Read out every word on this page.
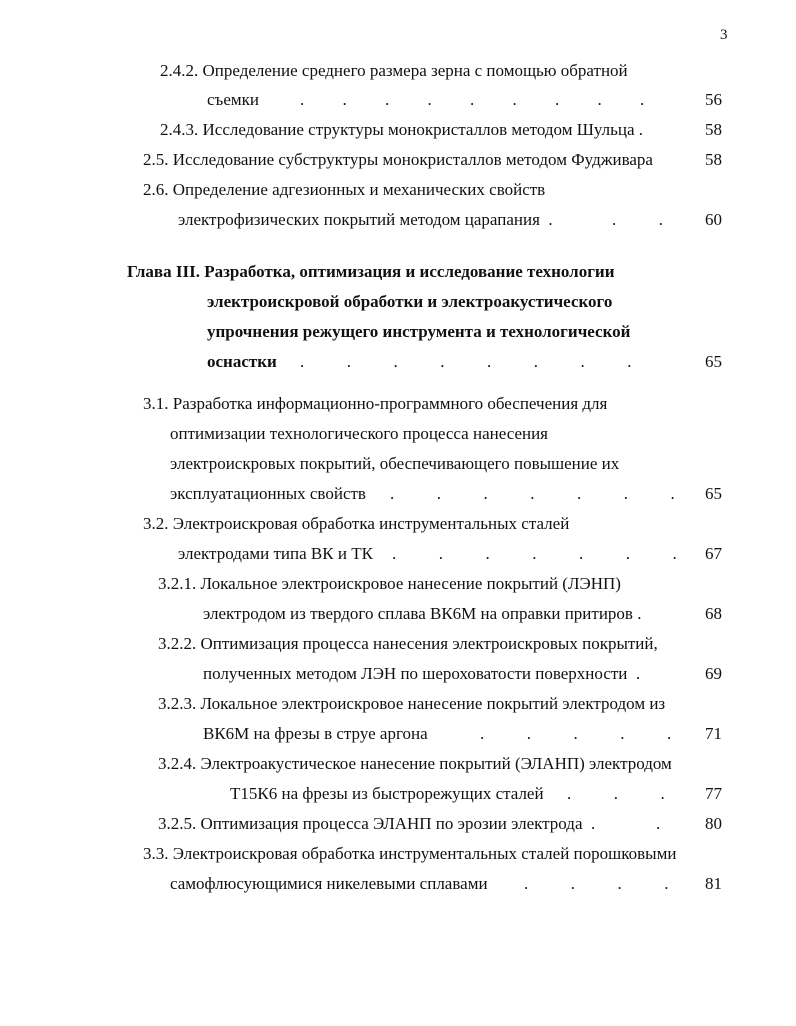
3
2.4.2. Определение среднего размера зерна с помощью обратной
съемки .         .         .         .         .         .         .         .         .	56
2.4.3. Исследование структуры монокристаллов методом Шульца .	58
2.5. Исследование субструктуры монокристаллов методом Фудживара	58
2.6. Определение адгезионных и механических свойств
электрофизических покрытий методом царапания  .	.          .	60
Глава III. Разработка, оптимизация и исследование технологии
электроискровой обработки и электроакустического
упрочнения режущего инструмента и технологической
оснастки .          .          .          .          .          .          .          .	65
3.1. Разработка информационно-программного обеспечения для
оптимизации технологического процесса нанесения
электроискровых покрытий, обеспечивающего повышение их
эксплуатационных свойств .          .          .          .          .          .          .	65
3.2. Электроискровая обработка инструментальных сталей
электродами типа ВК и ТК .          .          .          .          .          .          .	67
3.2.1. Локальное электроискровое нанесение покрытий (ЛЭНП)
электродом из твердого сплава ВК6М на оправки притиров .	68
3.2.2. Оптимизация процесса нанесения электроискровых покрытий,
полученных методом ЛЭН по шероховатости поверхности  .	69
3.2.3. Локальное электроискровое нанесение покрытий электродом из
ВК6М на фрезы в струе аргона	.          .          .          .          .	71
3.2.4. Электроакустическое нанесение покрытий (ЭЛАНП) электродом
Т15К6 на фрезы из быстрорежущих сталей .          .          .	77
3.2.5. Оптимизация процесса ЭЛАНП по эрозии электрода  .	.	80
3.3. Электроискровая обработка инструментальных сталей порошковыми
самофлюсующимися никелевыми сплавами .          .          .          .	81
